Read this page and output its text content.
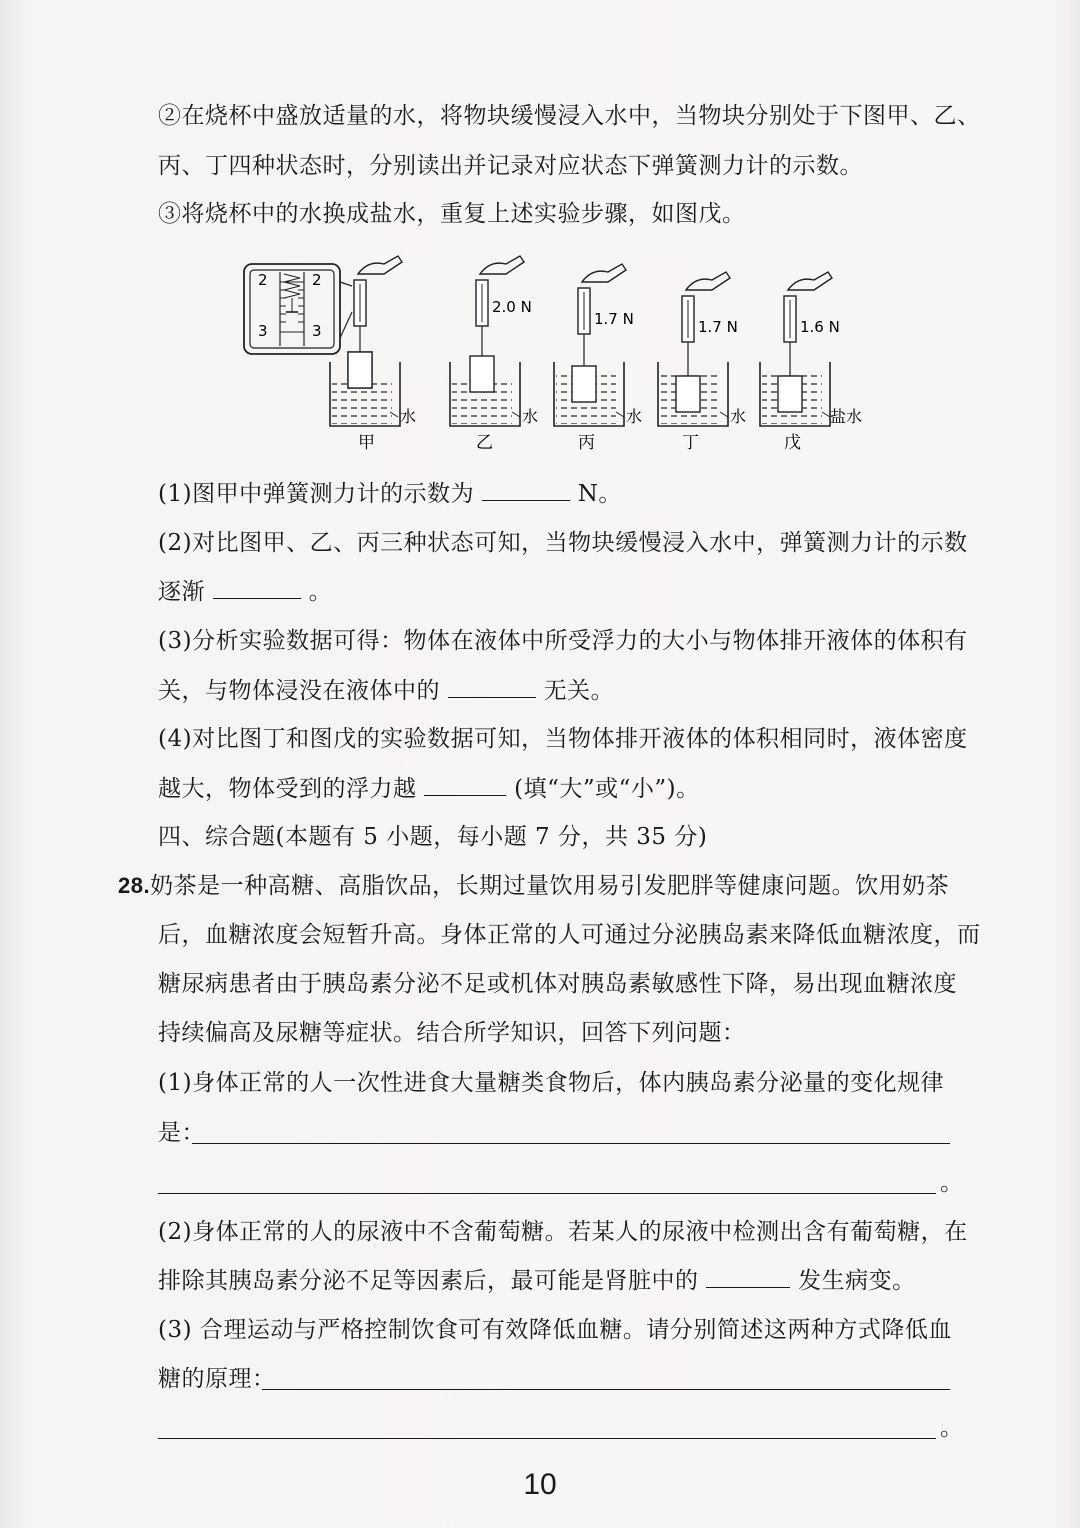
②在烧杯中盛放适量的水，将物块缓慢浸入水中，当物块分别处于下图甲、乙、
丙、丁四种状态时，分别读出并记录对应状态下弹簧测力计的示数。
③将烧杯中的水换成盐水，重复上述实验步骤，如图戊。
2	2
3	3
水
甲
2.0 N
水
乙
1.7 N
水
丙
1.7 N
水
丁
1.6 N
盐水
戊
(1)图甲中弹簧测力计的示数为	N。
(2)对比图甲、乙、丙三种状态可知，当物块缓慢浸入水中，弹簧测力计的示数
逐渐	。
(3)分析实验数据可得：物体在液体中所受浮力的大小与物体排开液体的体积有
关，与物体浸没在液体中的	无关。
(4)对比图丁和图戊的实验数据可知，当物体排开液体的体积相同时，液体密度
越大，物体受到的浮力越	(填“大”或“小”)。
四、综合题(本题有 5 小题，每小题 7 分，共 35 分)
28.奶茶是一种高糖、高脂饮品，长期过量饮用易引发肥胖等健康问题。饮用奶茶
后，血糖浓度会短暂升高。身体正常的人可通过分泌胰岛素来降低血糖浓度，而
糖尿病患者由于胰岛素分泌不足或机体对胰岛素敏感性下降，易出现血糖浓度
持续偏高及尿糖等症状。结合所学知识，回答下列问题：
(1)身体正常的人一次性进食大量糖类食物后，体内胰岛素分泌量的变化规律
是：
。
(2)身体正常的人的尿液中不含葡萄糖。若某人的尿液中检测出含有葡萄糖，在
排除其胰岛素分泌不足等因素后，最可能是肾脏中的	发生病变。
(3) 合理运动与严格控制饮食可有效降低血糖。请分别简述这两种方式降低血
糖的原理：
。
10
